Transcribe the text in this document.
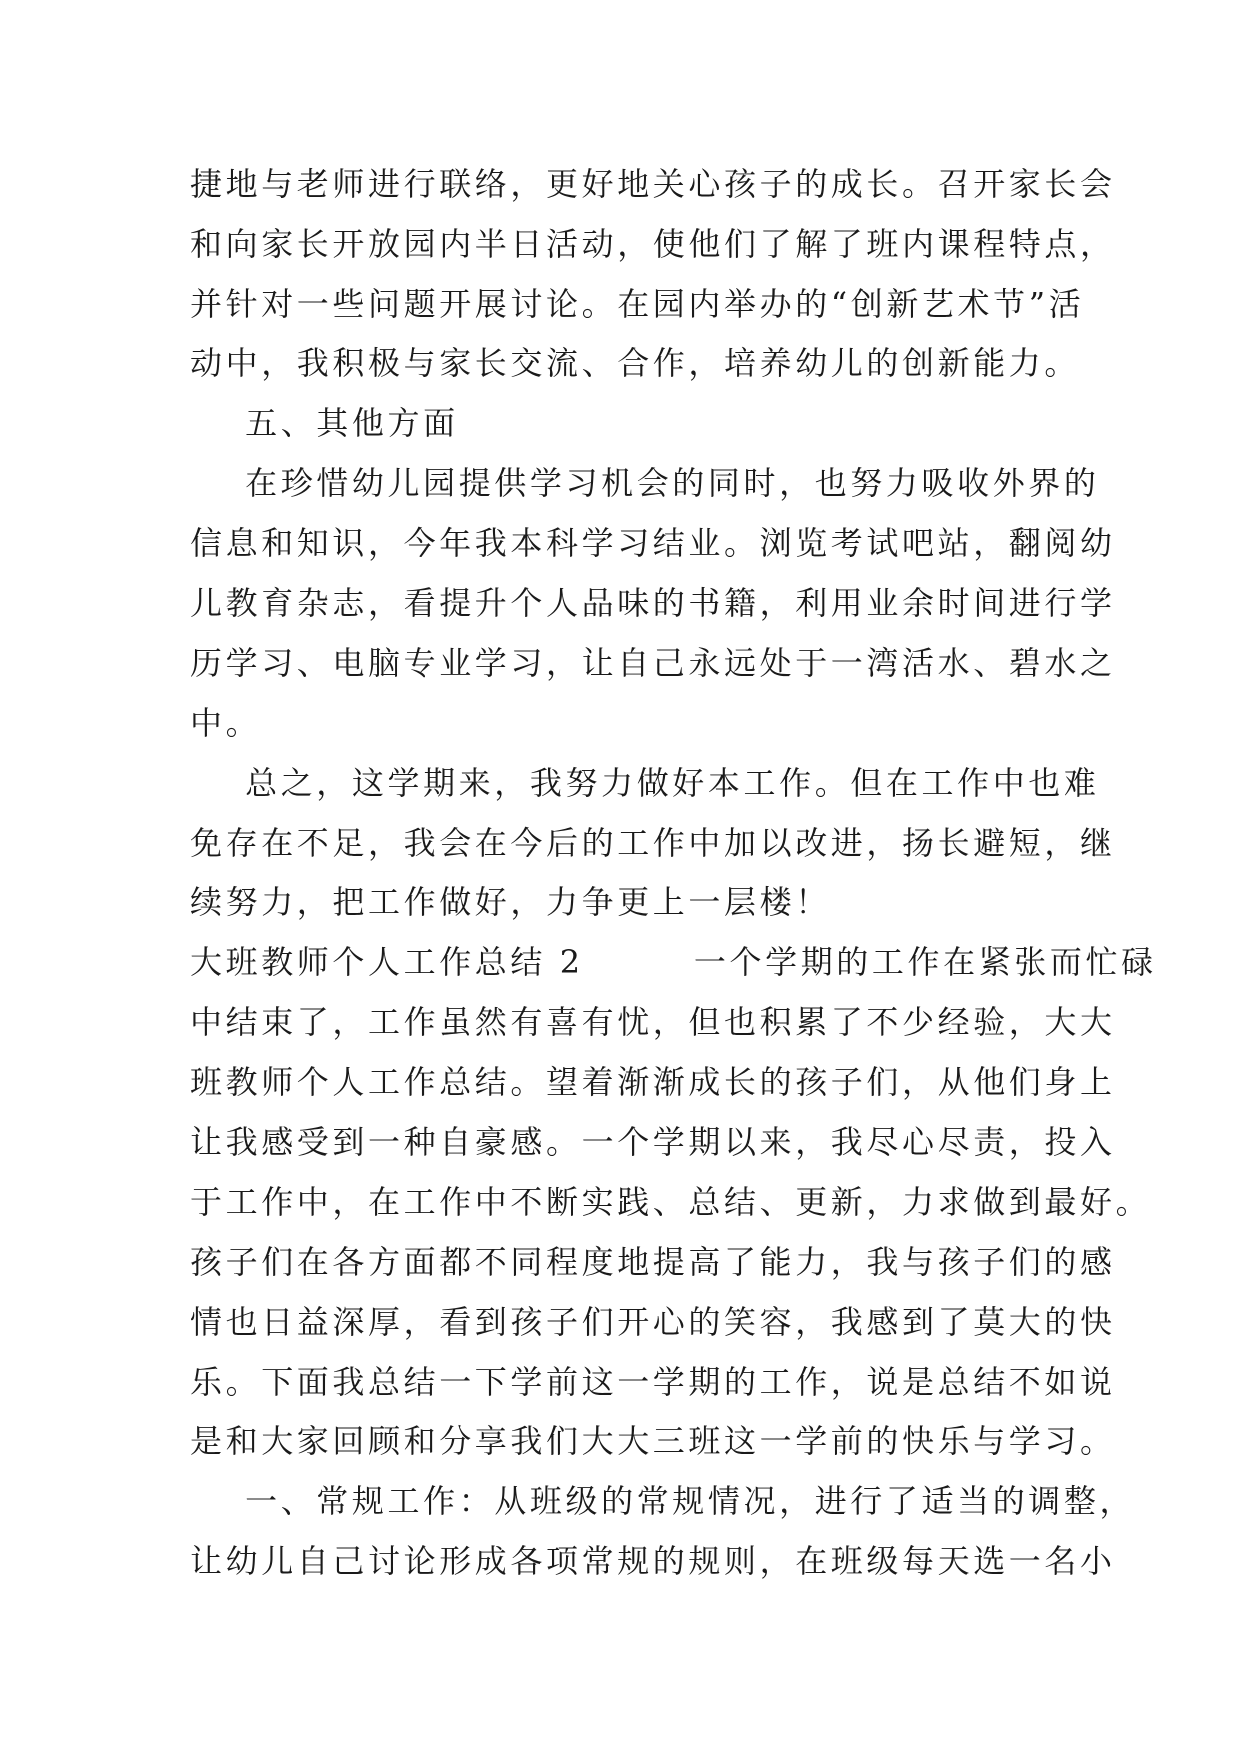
捷地与老师进行联络，更好地关心孩子的成长。召开家长会
和向家长开放园内半日活动，使他们了解了班内课程特点，
并针对一些问题开展讨论。在园内举办的“创新艺术节”活
动中，我积极与家长交流、合作，培养幼儿的创新能力。
五、其他方面
在珍惜幼儿园提供学习机会的同时，也努力吸收外界的
信息和知识，今年我本科学习结业。浏览考试吧站，翻阅幼
儿教育杂志，看提升个人品味的书籍，利用业余时间进行学
历学习、电脑专业学习，让自己永远处于一湾活水、碧水之
中。
总之，这学期来，我努力做好本工作。但在工作中也难
免存在不足，我会在今后的工作中加以改进，扬长避短，继
续努力，把工作做好，力争更上一层楼！
大班教师个人工作总结 2        一个学期的工作在紧张而忙碌
中结束了，工作虽然有喜有忧，但也积累了不少经验，大大
班教师个人工作总结。望着渐渐成长的孩子们，从他们身上
让我感受到一种自豪感。一个学期以来，我尽心尽责，投入
于工作中，在工作中不断实践、总结、更新，力求做到最好。
孩子们在各方面都不同程度地提高了能力，我与孩子们的感
情也日益深厚，看到孩子们开心的笑容，我感到了莫大的快
乐。下面我总结一下学前这一学期的工作，说是总结不如说
是和大家回顾和分享我们大大三班这一学前的快乐与学习。
一、常规工作：从班级的常规情况，进行了适当的调整，
让幼儿自己讨论形成各项常规的规则，在班级每天选一名小
